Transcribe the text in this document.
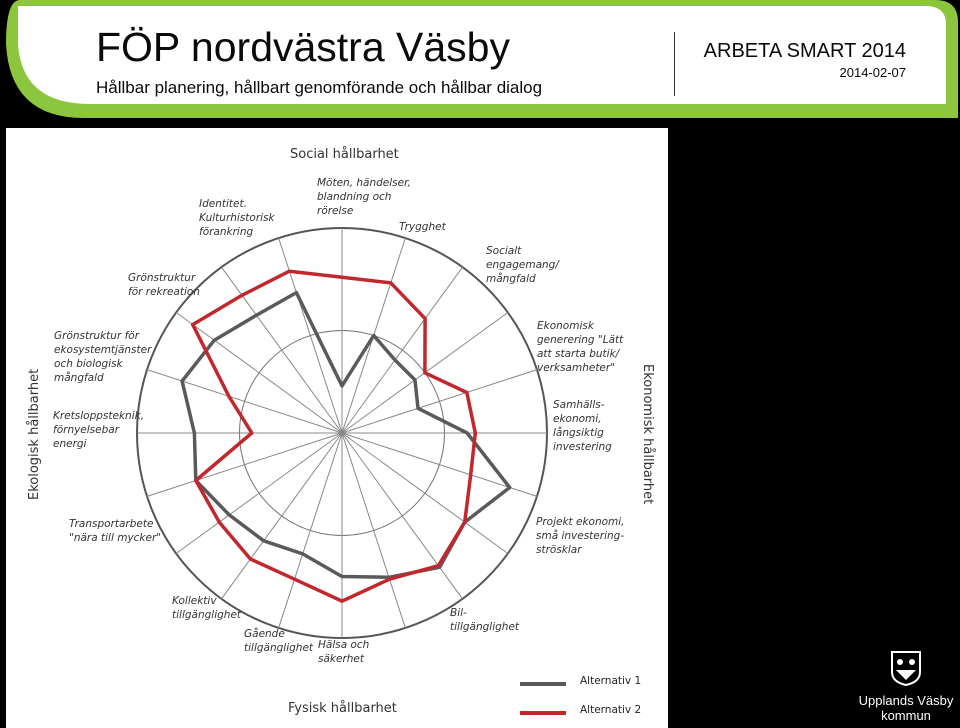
FÖP nordvästra Väsby
Hållbar planering, hållbart genomförande och hållbar dialog
ARBETA SMART 2014
2014-02-07
Möten, händelser, blandning och rörelse
Trygghet
Socialt engagemang/ mångfald
Ekonomisk generering "Lätt att starta butik/ verksamheter"
Samhälls-ekonomi, långsiktig investering
Projekt ekonomi, små investering-strösklar
Bil-tillgänglighet
Hälsa och säkerhet
Gående tillgänglighet
Kollektiv tillgänglighet
Transportarbete "nära till mycker"
Kretsloppsteknik, förnyelsebar energi
Grönstruktur för ekosystemtjänster och biologisk mångfald
Grönstruktur för rekreation
Identitet. Kulturhistorisk förankring
Social hållbarhet
Fysisk hållbarhet
Ekonomisk hållbarhet
Ekologisk hållbarhet
Alternativ 1
Alternativ 2
Upplands Väsby
kommun
